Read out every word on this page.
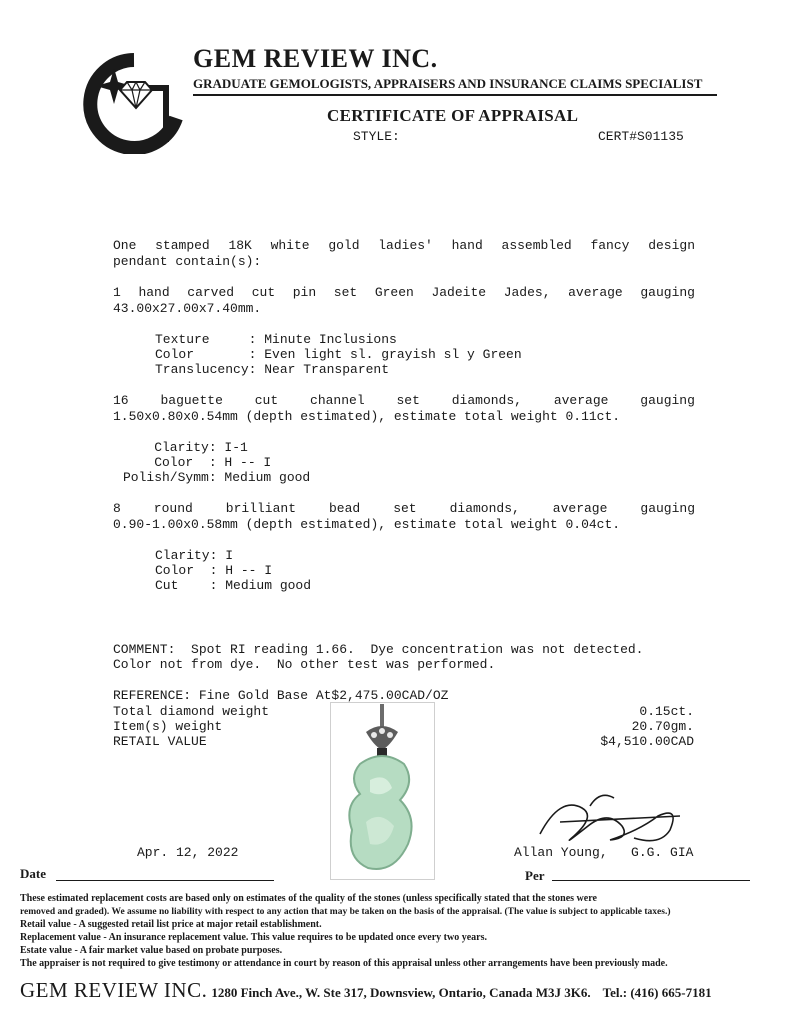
GEM REVIEW INC.
GRADUATE GEMOLOGISTS, APPRAISERS AND INSURANCE CLAIMS SPECIALIST
CERTIFICATE OF APPRAISAL
STYLE:	CERT#S01135
One stamped 18K white gold ladies' hand assembled fancy design
pendant contain(s):
1 hand carved cut pin set Green Jadeite Jades, average gauging
43.00x27.00x7.40mm.
Texture     : Minute Inclusions
Color       : Even light sl. grayish sl y Green
Translucency: Near Transparent
16 baguette cut channel set diamonds, average gauging
1.50x0.80x0.54mm (depth estimated), estimate total weight 0.11ct.
Clarity: I-1
Color  : H -- I
Polish/Symm: Medium good
8	round	brilliant	bead	set	diamonds,	average	gauging
0.90-1.00x0.58mm (depth estimated), estimate total weight 0.04ct.
Clarity: I
Color  : H -- I
Cut    : Medium good
COMMENT:  Spot RI reading 1.66.  Dye concentration was not detected.
Color not from dye.  No other test was performed.
REFERENCE: Fine Gold Base At$2,475.00CAD/OZ
Total diamond weight	0.15ct.
Item(s) weight	20.70gm.
RETAIL VALUE	$4,510.00CAD
Apr. 12, 2022	Allan Young,   G.G. GIA
Date	Per
These estimated replacement costs are based only on estimates of the quality of the stones (unless specifically stated that the stones were
removed and graded). We assume no liability with respect to any action that may be taken on the basis of the appraisal. (The value is subject to applicable taxes.)
Retail value - A suggested retail list price at major retail establishment.
Replacement value - An insurance replacement value. This value requires to be updated once every two years.
Estate value - A fair market value based on probate purposes.
The appraiser is not required to give testimony or attendance in court by reason of this appraisal unless other arrangements have been previously made.
GEM REVIEW INC. 1280 Finch Ave., W. Ste 317, Downsview, Ontario, Canada M3J 3K6. Tel.: (416) 665-7181
